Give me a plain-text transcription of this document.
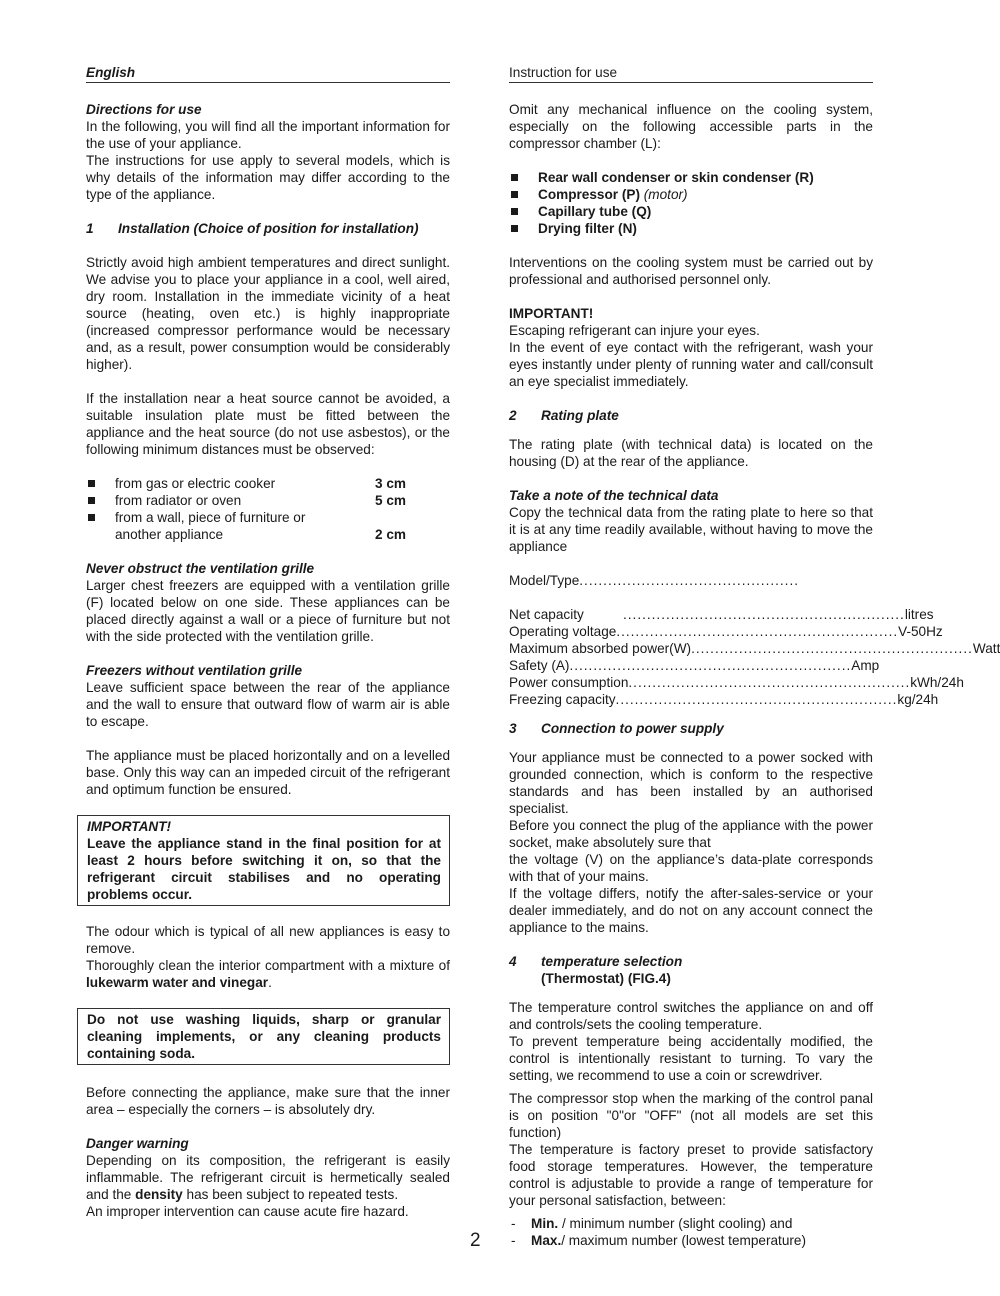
English

Directions for use

In the following, you will find all the important information for the use of your appliance.

The instructions for use apply to several models, which is why details of the information may differ according to the type of the appliance.

1 Installation (Choice of position for installation)

Strictly avoid high ambient temperatures and direct sunlight. We advise you to place your appliance in a cool, well aired, dry room. Installation in the immediate vicinity of a heat source (heating, oven etc.) is highly inappropriate (increased compressor performance would be necessary and, as a result, power consumption would be considerably higher).

If the installation near a heat source cannot be avoided, a suitable insulation plate must be fitted between the appliance and the heat source (do not use asbestos), or the following minimum distances must be observed:

from gas or electric cooker	3 cm
from radiator or oven	5 cm
from a wall, piece of furniture or another appliance	2 cm

Never obstruct the ventilation grille

Larger chest freezers are equipped with a ventilation grille (F) located below on one side. These appliances can be placed directly against a wall or a piece of furniture but not with the side protected with the ventilation grille.

Freezers without ventilation grille

Leave sufficient space between the rear of the appliance and the wall to ensure that outward flow of warm air is able to escape.

The appliance must be placed horizontally and on a levelled base. Only this way can an impeded circuit of the refrigerant and optimum function be ensured.

IMPORTANT!
Leave the appliance stand in the final position for at least 2 hours before switching it on, so that the refrigerant circuit stabilises and no operating problems occur.

The odour which is typical of all new appliances is easy to remove.

Thoroughly clean the interior compartment with a mixture of lukewarm water and vinegar.

Do not use washing liquids, sharp or granular cleaning implements, or any cleaning products containing soda.

Before connecting the appliance, make sure that the inner area – especially the corners – is absolutely dry.

Danger warning

Depending on its composition, the refrigerant is easily inflammable. The refrigerant circuit is hermetically sealed and the density has been subject to repeated tests.

An improper intervention can cause acute fire hazard.

Instruction for use

Omit any mechanical influence on the cooling system, especially on the following accessible parts in the compressor chamber (L):

Rear wall condenser or skin condenser (R)
Compressor (P) (motor)
Capillary tube (Q)
Drying filter (N)

Interventions on the cooling system must be carried out by professional and authorised personnel only.

IMPORTANT!

Escaping refrigerant can injure your eyes.

In the event of eye contact with the refrigerant, wash your eyes instantly under plenty of running water and call/consult an eye specialist immediately.

2 Rating plate

The rating plate (with technical data) is located on the housing (D) at the rear of the appliance.

Take a note of the technical data

Copy the technical data from the rating plate to here so that it is at any time readily available, without having to move the appliance

Model/Type ..............................................
Net capacity	........................................................... litres
Operating voltage ........................................................... V-50Hz
Maximum absorbed power(W) ........................................................... Watt
Safety (A) ........................................................... Amp
Power consumption ........................................................... kWh/24h
Freezing capacity ........................................................... kg/24h

3 Connection to power supply

Your appliance must be connected to a power socked with grounded connection, which is conform to the respective standards and has been installed by an authorised specialist.

Before you connect the plug of the appliance with the power socket, make absolutely sure that

the voltage (V) on the appliance’s data-plate corresponds with that of your mains.

If the voltage differs, notify the after-sales-service or your dealer immediately, and do not on any account connect the appliance to the mains.

4 temperature selection

(Thermostat) (FIG.4)

The temperature control switches the appliance on and off and controls/sets the cooling temperature.

To prevent temperature being accidentally modified, the control is intentionally resistant to turning. To vary the setting, we recommend to use a coin or screwdriver.

The compressor stop when the marking of the control panal is on position "0"or "OFF" (not all models are set this function)

The temperature is factory preset to provide satisfactory food storage temperatures. However, the temperature control is adjustable to provide a range of temperature for your personal satisfaction, between:

- Min. / minimum number (slight cooling) and
- Max./ maximum number (lowest temperature)
2
